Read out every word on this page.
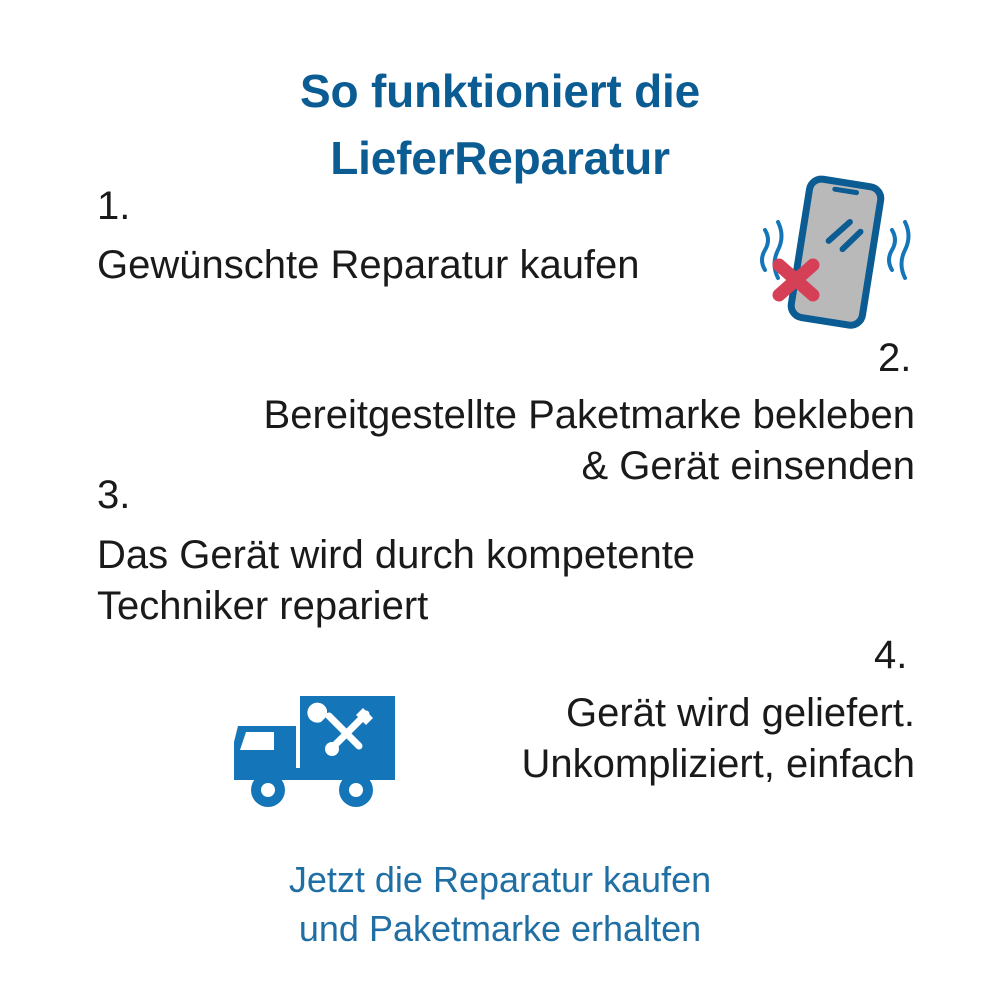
So funktioniert die
LieferReparatur
1.
Gewünschte Reparatur kaufen
2.
Bereitgestellte Paketmarke bekleben
& Gerät einsenden
3.
Das Gerät wird durch kompetente
Techniker repariert
4.
Gerät wird geliefert.
Unkompliziert, einfach
Jetzt die Reparatur kaufen
und Paketmarke erhalten
